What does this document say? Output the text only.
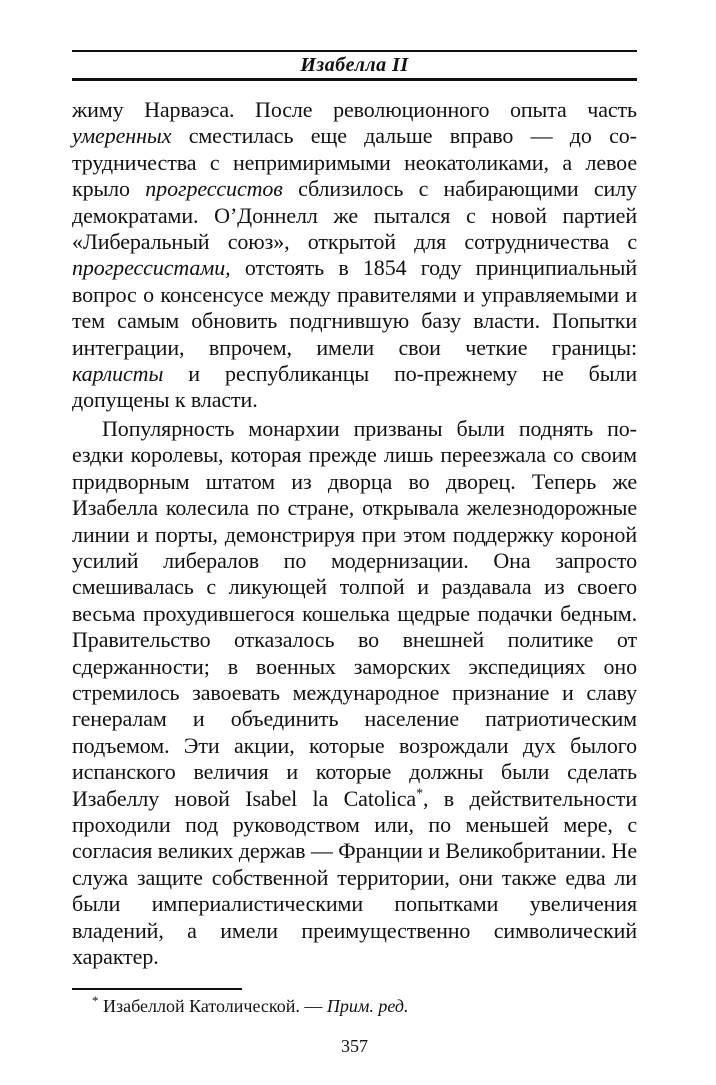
Изабелла II

жиму Нарваэса. После революционного опыта часть умеренных сместилась еще дальше вправо — до сотрудничества с непримиримыми неокатоликами, а левое крыло прогрессистов сблизилось с набирающими силу демократами. О’Доннелл же пытался с новой партией «Либеральный союз», открытой для сотрудничества с прогрессистами, отстоять в 1854 году принципиальный вопрос о консенсусе между правителями и управляемыми и тем самым обновить подгнившую базу власти. Попытки интеграции, впрочем, имели свои четкие границы: карлисты и республиканцы по-прежнему не были допущены к власти.

Популярность монархии призваны были поднять поездки королевы, которая прежде лишь переезжала со своим придворным штатом из дворца во дворец. Теперь же Изабелла колесила по стране, открывала железнодорожные линии и порты, демонстрируя при этом поддержку короной усилий либералов по модернизации. Она запросто смешивалась с ликующей толпой и раздавала из своего весьма прохудившегося кошелька щедрые подачки бедным. Правительство отказалось во внешней политике от сдержанности; в военных заморских экспедициях оно стремилось завоевать международное признание и славу генералам и объединить население патриотическим подъемом. Эти акции, которые возрождали дух былого испанского величия и которые должны были сделать Изабеллу новой Isabel la Catolica*, в действительности проходили под руководством или, по меньшей мере, с согласия великих держав — Франции и Великобритании. Не служа защите собственной территории, они также едва ли были империалистическими попытками увеличения владений, а имели преимущественно символический характер.

* Изабеллой Католической. — Прим. ред.
357
